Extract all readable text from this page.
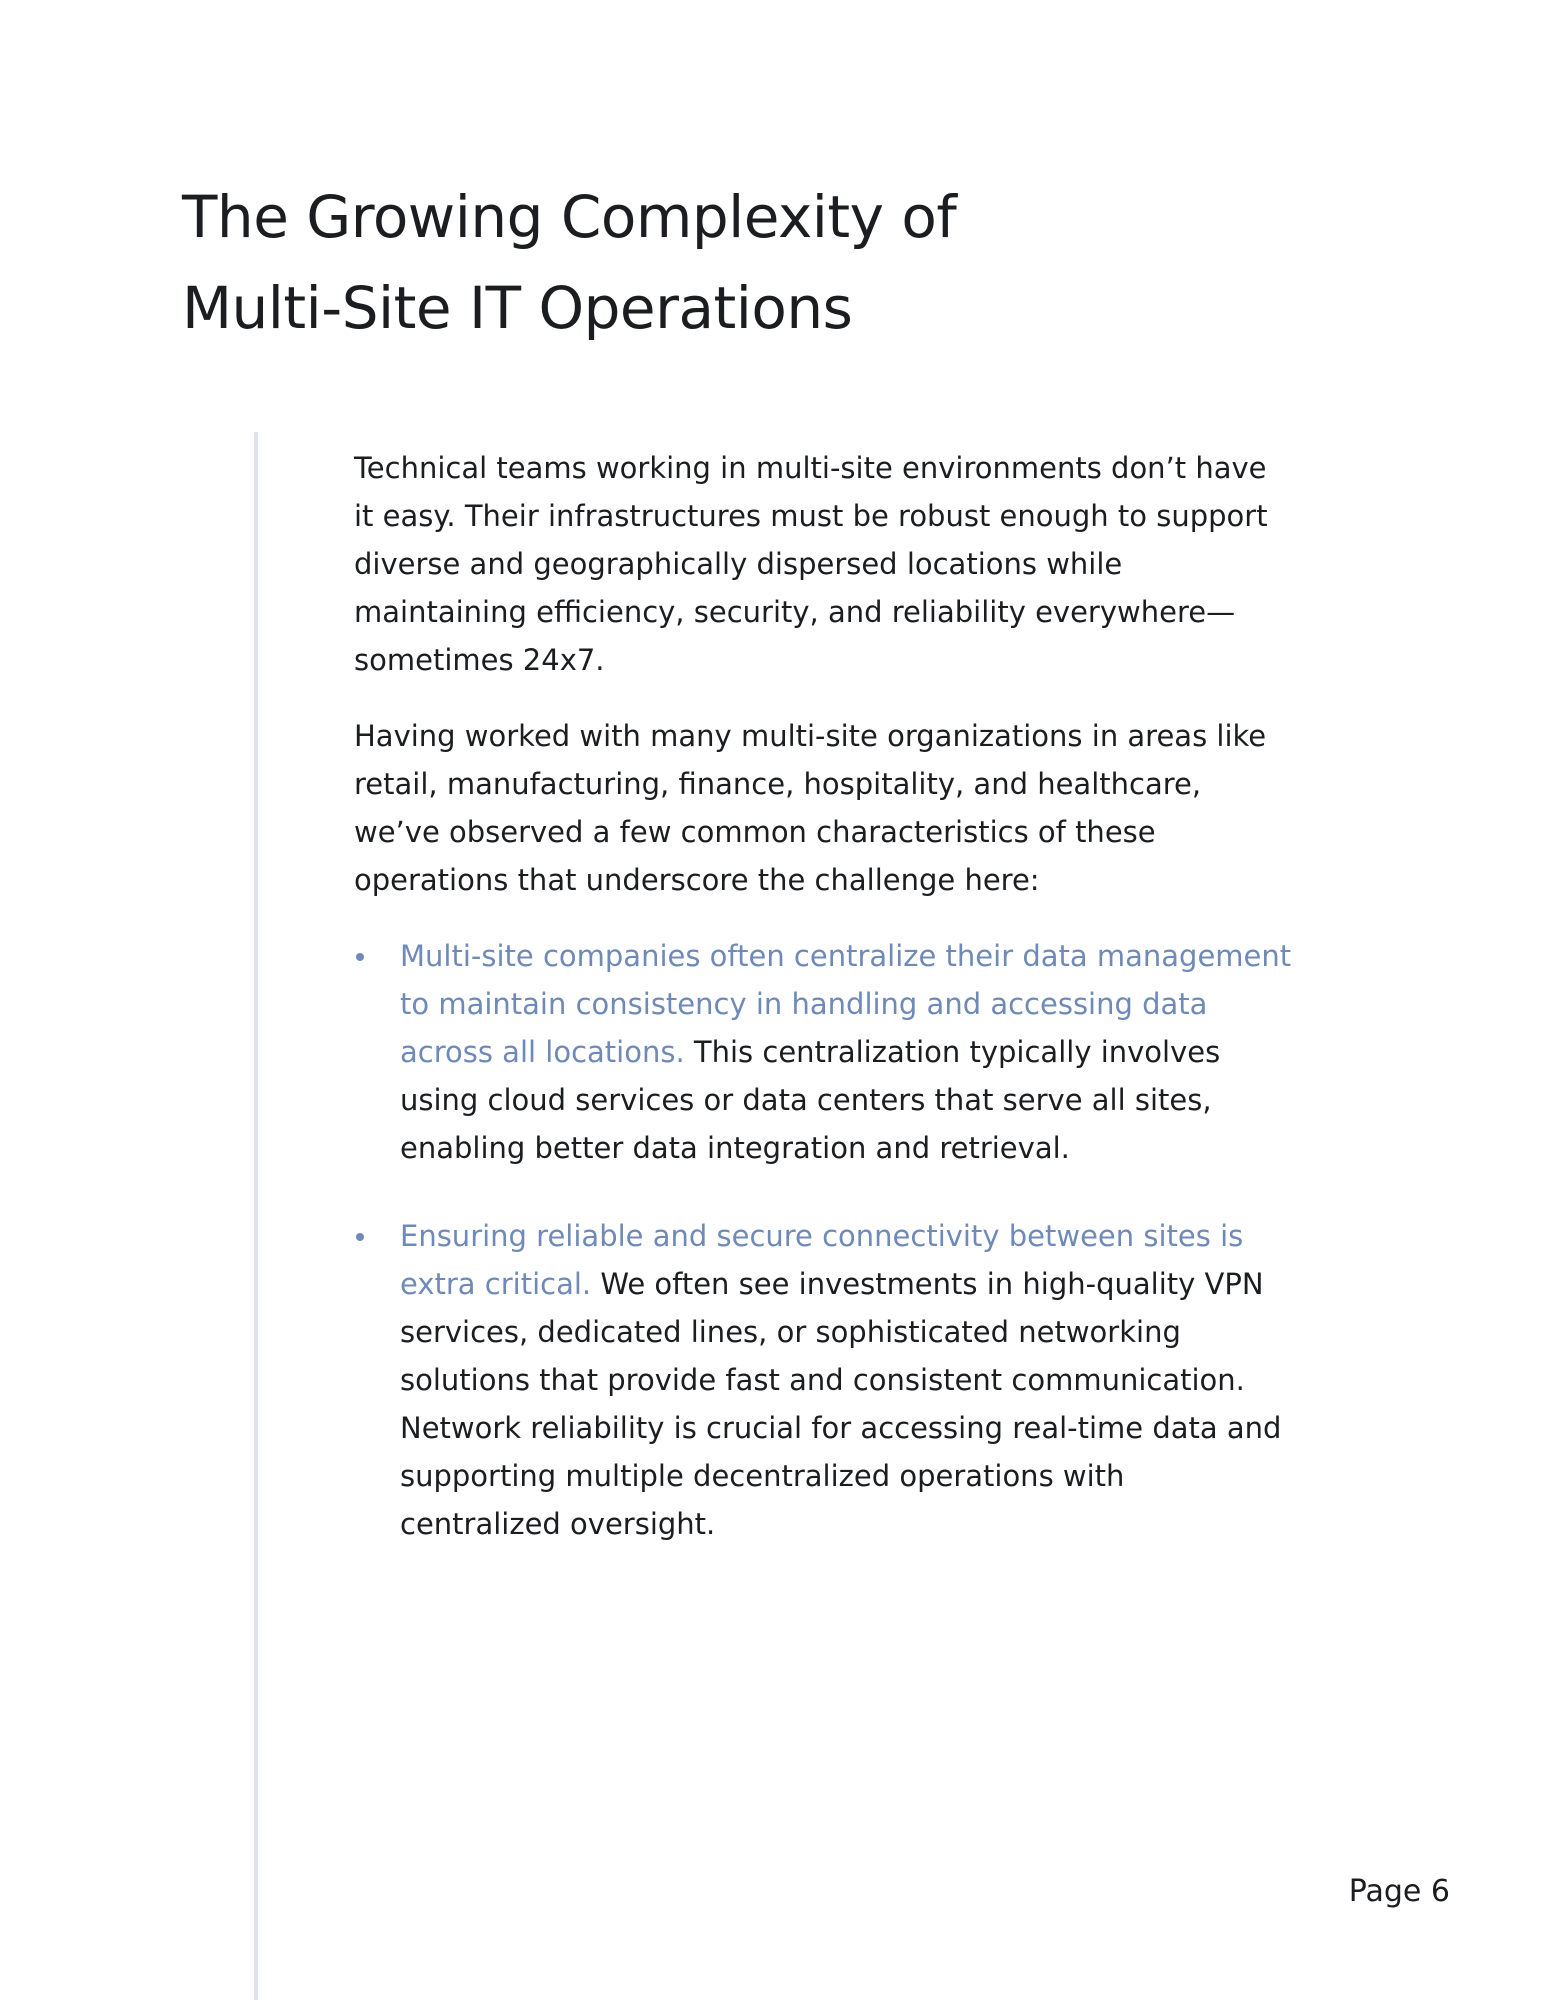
The Growing Complexity of
Multi-Site IT Operations

Technical teams working in multi-site environments don’t have it easy. Their infrastructures must be robust enough to support diverse and geographically dispersed locations while maintaining efficiency, security, and reliability everywhere—sometimes 24x7.

Having worked with many multi-site organizations in areas like retail, manufacturing, finance, hospitality, and healthcare, we’ve observed a few common characteristics of these operations that underscore the challenge here:

Multi-site companies often centralize their data management to maintain consistency in handling and accessing data across all locations. This centralization typically involves using cloud services or data centers that serve all sites, enabling better data integration and retrieval.
Ensuring reliable and secure connectivity between sites is extra critical. We often see investments in high-quality VPN services, dedicated lines, or sophisticated networking solutions that provide fast and consistent communication. Network reliability is crucial for accessing real-time data and supporting multiple decentralized operations with centralized oversight.
Page 6
